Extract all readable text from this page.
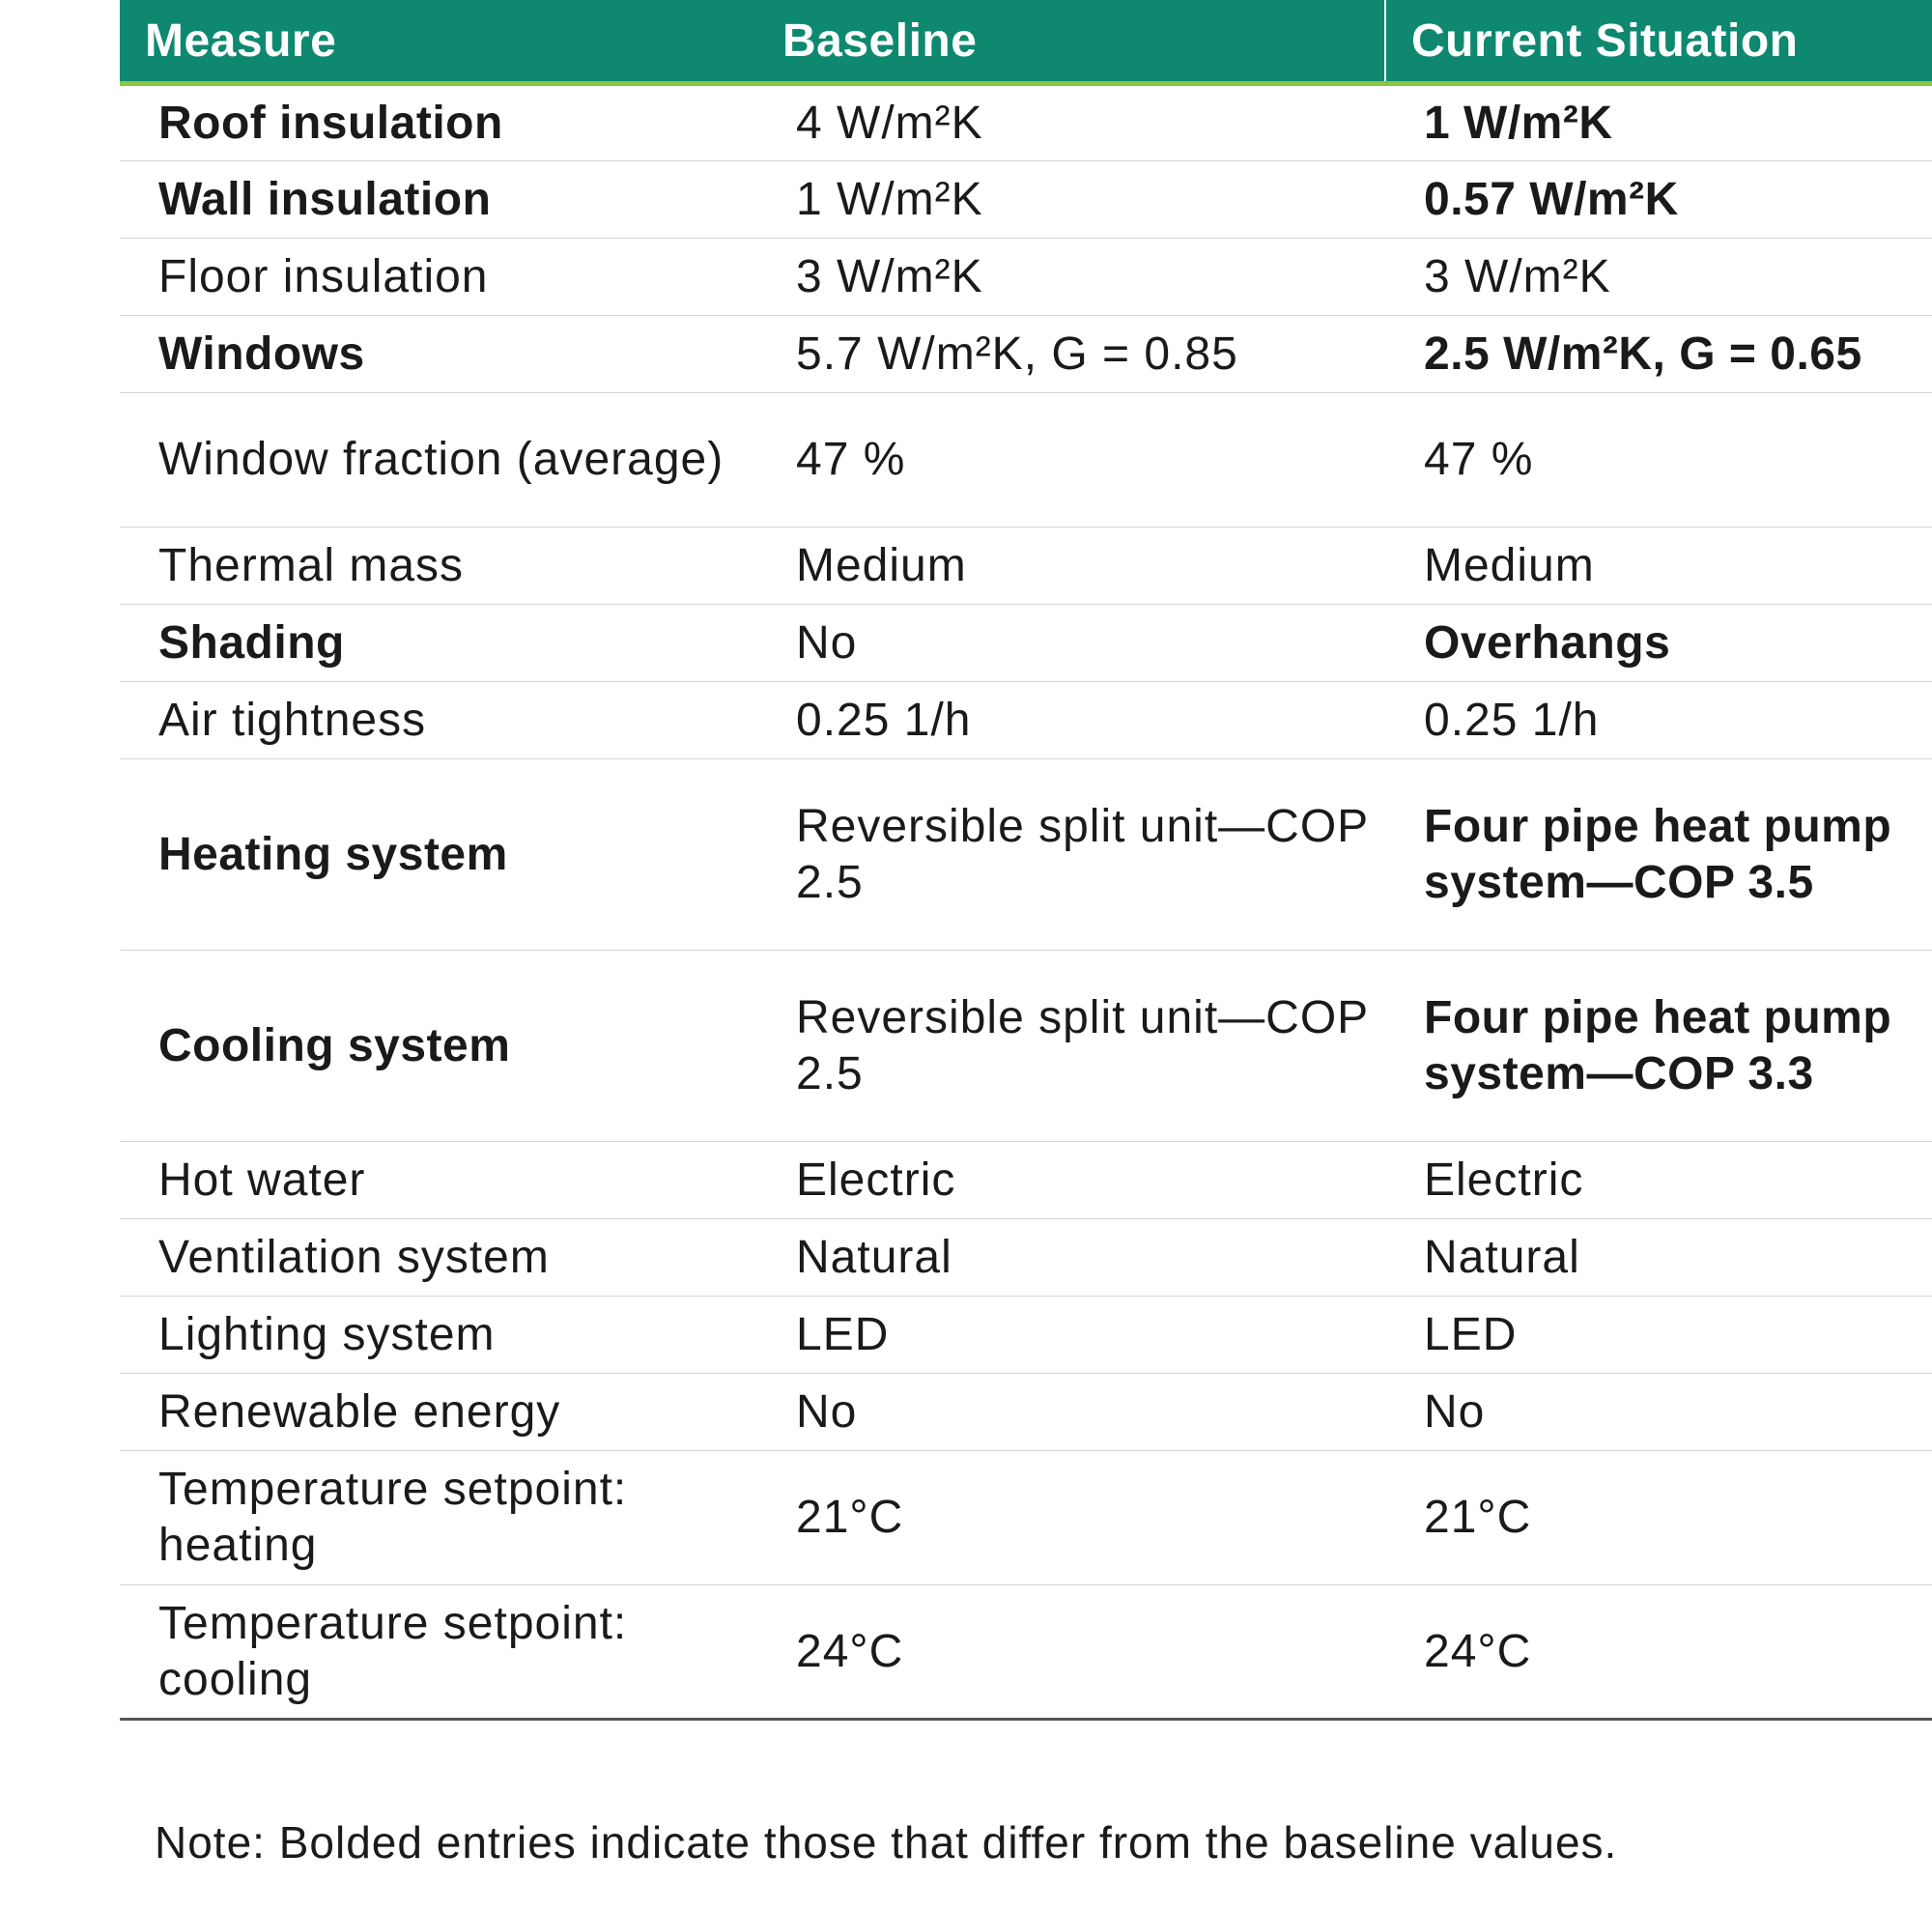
Measure	Baseline	Current Situation
Roof insulation	4 W/m²K	1 W/m²K
Wall insulation	1 W/m²K	0.57 W/m²K
Floor insulation	3 W/m²K	3 W/m²K
Windows	5.7 W/m²K, G = 0.85	2.5 W/m²K, G = 0.65
Window fraction (average)	47 %	47 %
Thermal mass	Medium	Medium
Shading	No	Overhangs
Air tightness	0.25 1/h	0.25 1/h
Heating system	Reversible split unit—COP 2.5	Four pipe heat pump system—COP 3.5
Cooling system	Reversible split unit—COP 2.5	Four pipe heat pump system—COP 3.3
Hot water	Electric	Electric
Ventilation system	Natural	Natural
Lighting system	LED	LED
Renewable energy	No	No
Temperature setpoint: heating	21°C	21°C
Temperature setpoint: cooling	24°C	24°C
Note: Bolded entries indicate those that differ from the baseline values.
